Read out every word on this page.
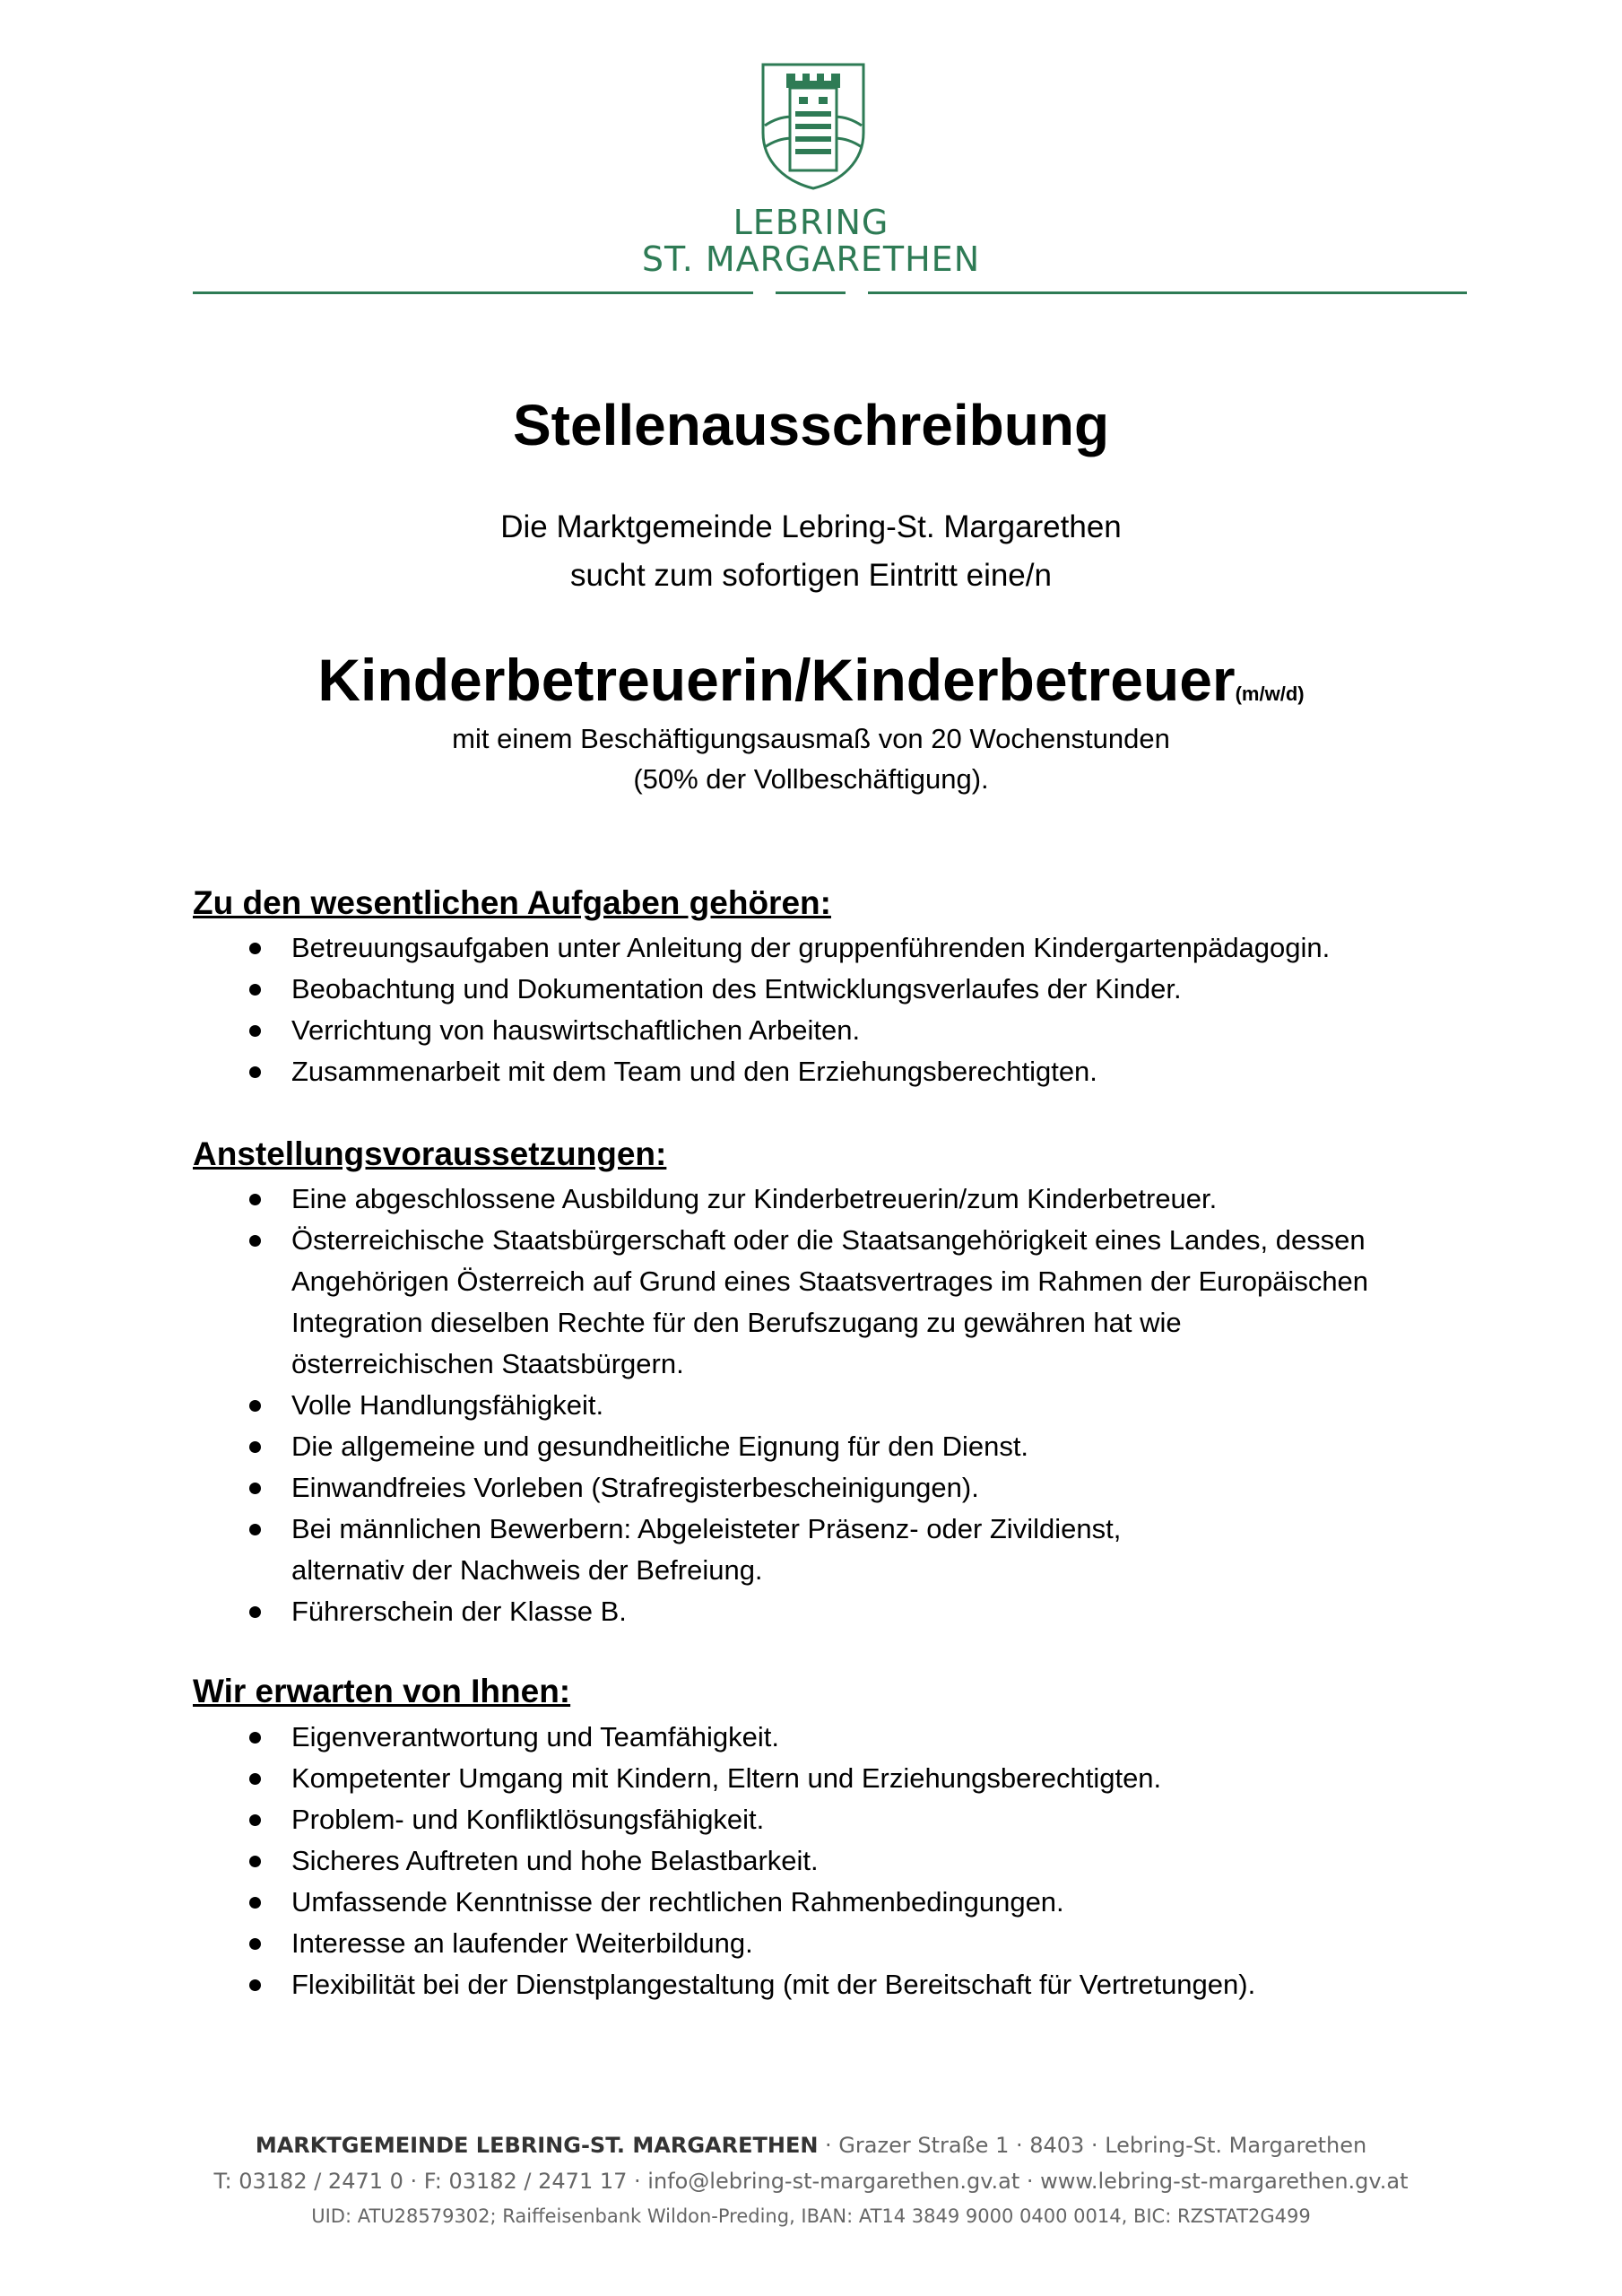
LEBRING
ST. MARGARETHEN
Stellenausschreibung
Die Marktgemeinde Lebring-St. Margarethen
sucht zum sofortigen Eintritt eine/n
Kinderbetreuerin/Kinderbetreuer(m/w/d)
mit einem Beschäftigungsausmaß von 20 Wochenstunden
(50% der Vollbeschäftigung).
Zu den wesentlichen Aufgaben gehören:
Betreuungsaufgaben unter Anleitung der gruppenführenden Kindergartenpädagogin.
Beobachtung und Dokumentation des Entwicklungsverlaufes der Kinder.
Verrichtung von hauswirtschaftlichen Arbeiten.
Zusammenarbeit mit dem Team und den Erziehungsberechtigten.
Anstellungsvoraussetzungen:
Eine abgeschlossene Ausbildung zur Kinderbetreuerin/zum Kinderbetreuer.
Österreichische Staatsbürgerschaft oder die Staatsangehörigkeit eines Landes, dessen
Angehörigen Österreich auf Grund eines Staatsvertrages im Rahmen der Europäischen
Integration dieselben Rechte für den Berufszugang zu gewähren hat wie
österreichischen Staatsbürgern.
Volle Handlungsfähigkeit.
Die allgemeine und gesundheitliche Eignung für den Dienst.
Einwandfreies Vorleben (Strafregisterbescheinigungen).
Bei männlichen Bewerbern: Abgeleisteter Präsenz- oder Zivildienst,
alternativ der Nachweis der Befreiung.
Führerschein der Klasse B.
Wir erwarten von Ihnen:
Eigenverantwortung und Teamfähigkeit.
Kompetenter Umgang mit Kindern, Eltern und Erziehungsberechtigten.
Problem- und Konfliktlösungsfähigkeit.
Sicheres Auftreten und hohe Belastbarkeit.
Umfassende Kenntnisse der rechtlichen Rahmenbedingungen.
Interesse an laufender Weiterbildung.
Flexibilität bei der Dienstplangestaltung (mit der Bereitschaft für Vertretungen).
MARKTGEMEINDE LEBRING-ST. MARGARETHEN · Grazer Straße 1 · 8403 · Lebring-St. Margarethen
T: 03182 / 2471 0 · F: 03182 / 2471 17 · info@lebring-st-margarethen.gv.at · www.lebring-st-margarethen.gv.at
UID: ATU28579302; Raiffeisenbank Wildon-Preding, IBAN: AT14 3849 9000 0400 0014, BIC: RZSTAT2G499
